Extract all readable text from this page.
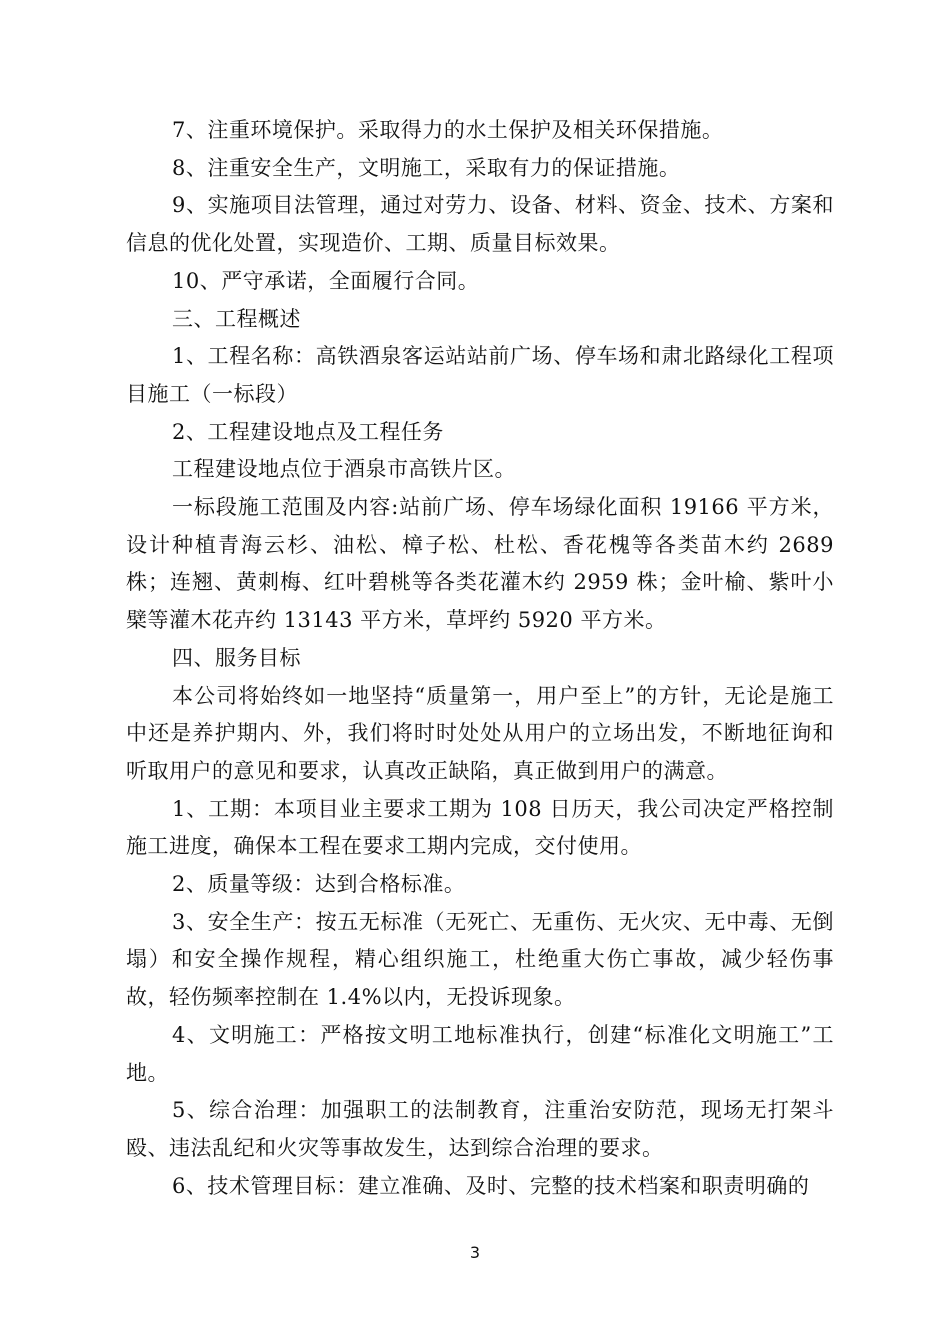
7、注重环境保护。采取得力的水土保护及相关环保措施。

8、注重安全生产，文明施工，采取有力的保证措施。

9、实施项目法管理，通过对劳力、设备、材料、资金、技术、方案和信息的优化处置，实现造价、工期、质量目标效果。

10、严守承诺，全面履行合同。

三、工程概述

1、工程名称：高铁酒泉客运站站前广场、停车场和肃北路绿化工程项目施工（一标段）

2、工程建设地点及工程任务

工程建设地点位于酒泉市高铁片区。

一标段施工范围及内容:站前广场、停车场绿化面积 19166 平方米，设计种植青海云杉、油松、樟子松、杜松、香花槐等各类苗木约 2689 株；连翘、黄刺梅、红叶碧桃等各类花灌木约 2959 株；金叶榆、紫叶小檗等灌木花卉约 13143 平方米，草坪约 5920 平方米。

四、服务目标

本公司将始终如一地坚持“质量第一，用户至上”的方针，无论是施工中还是养护期内、外，我们将时时处处从用户的立场出发，不断地征询和听取用户的意见和要求，认真改正缺陷，真正做到用户的满意。

1、工期：本项目业主要求工期为 108 日历天，我公司决定严格控制施工进度，确保本工程在要求工期内完成，交付使用。

2、质量等级：达到合格标准。

3、安全生产：按五无标准（无死亡、无重伤、无火灾、无中毒、无倒塌）和安全操作规程，精心组织施工，杜绝重大伤亡事故，减少轻伤事故，轻伤频率控制在 1.4%以内，无投诉现象。

4、文明施工：严格按文明工地标准执行，创建“标准化文明施工”工地。

5、综合治理：加强职工的法制教育，注重治安防范，现场无打架斗殴、违法乱纪和火灾等事故发生，达到综合治理的要求。

6、技术管理目标：建立准确、及时、完整的技术档案和职责明确的

3
